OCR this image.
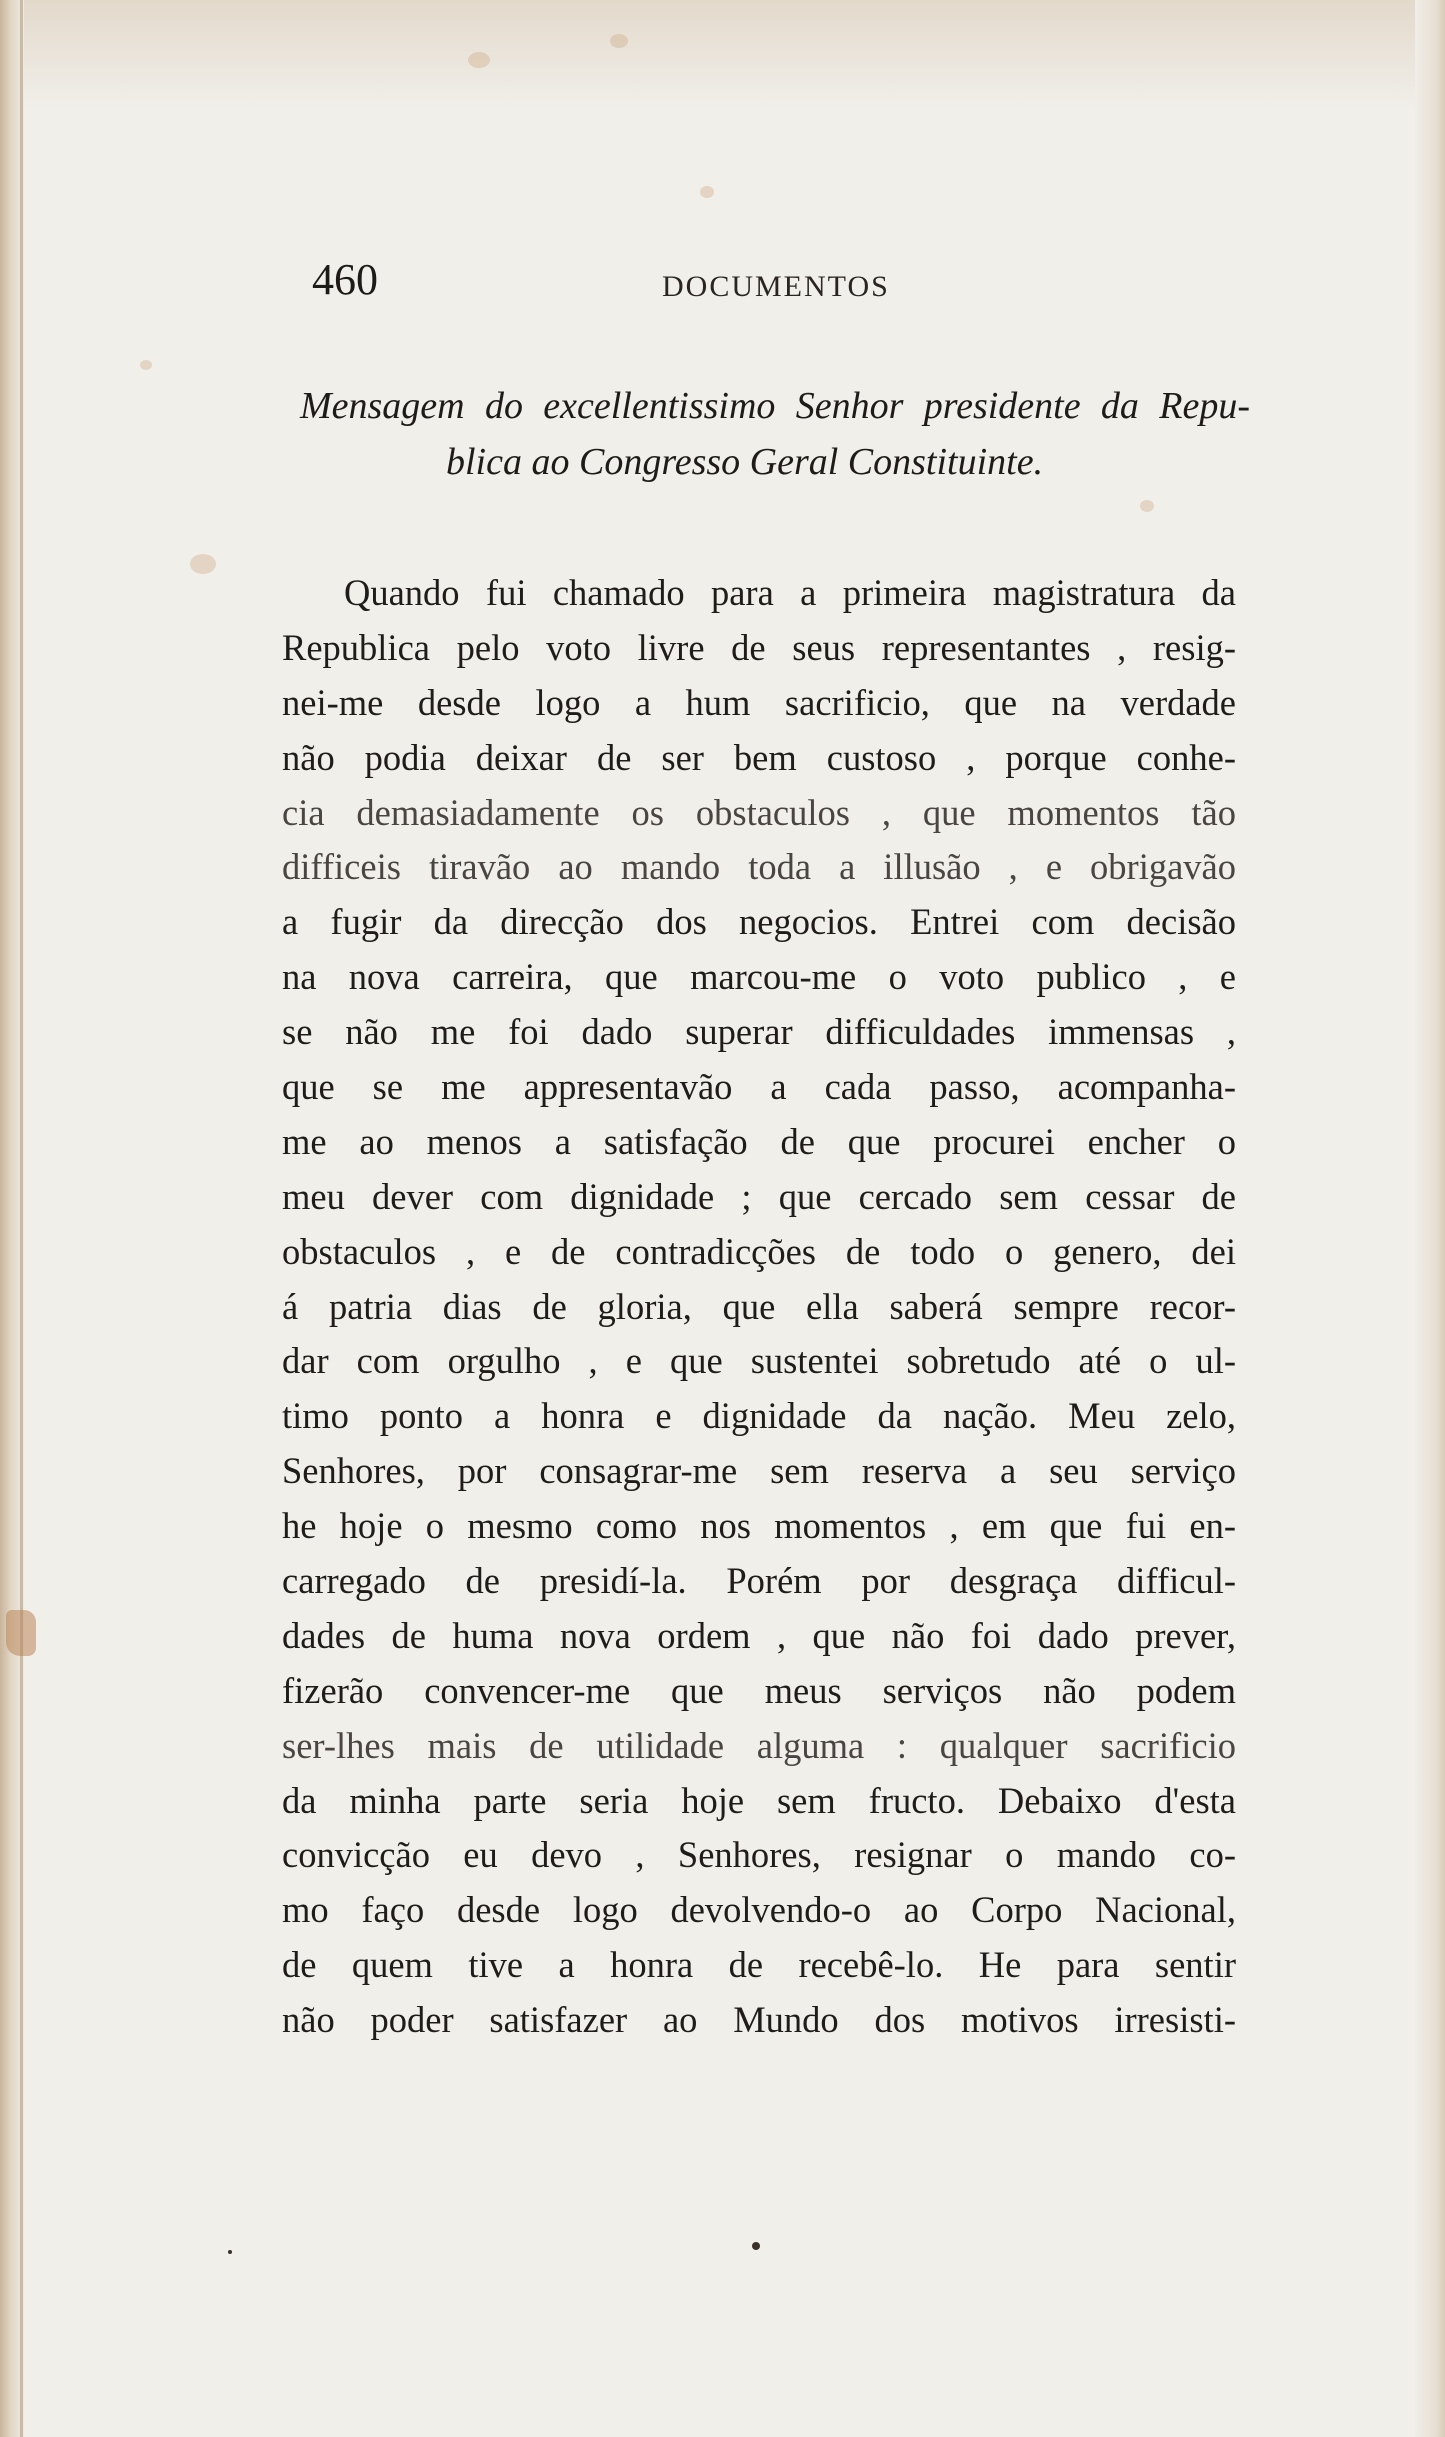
460	DOCUMENTOS
Mensagem do excellentissimo Senhor presidente da Repu-
blica ao Congresso Geral Constituinte.
Quando fui chamado para a primeira magistratura da
Republica pelo voto livre de seus representantes , resig-
nei-me desde logo a hum sacrificio, que na verdade
não podia deixar de ser bem custoso , porque conhe-
cia demasiadamente os obstaculos , que momentos tão
difficeis tiravão ao mando toda a illusão , e obrigavão
a fugir da direcção dos negocios. Entrei com decisão
na nova carreira, que marcou-me o voto publico , e
se não me foi dado superar difficuldades immensas ,
que se me appresentavão a cada passo, acompanha-
me ao menos a satisfação de que procurei encher o
meu dever com dignidade ; que cercado sem cessar de
obstaculos , e de contradicções de todo o genero, dei
á patria dias de gloria, que ella saberá sempre recor-
dar com orgulho , e que sustentei sobretudo até o ul-
timo ponto a honra e dignidade da nação. Meu zelo,
Senhores, por consagrar-me sem reserva a seu serviço
he hoje o mesmo como nos momentos , em que fui en-
carregado de presidí-la. Porém por desgraça difficul-
dades de huma nova ordem , que não foi dado prever,
fizerão convencer-me que meus serviços não podem
ser-lhes mais de utilidade alguma : qualquer sacrificio
da minha parte seria hoje sem fructo. Debaixo d'esta
convicção eu devo , Senhores, resignar o mando co-
mo faço desde logo devolvendo-o ao Corpo Nacional,
de quem tive a honra de recebê-lo. He para sentir
não poder satisfazer ao Mundo dos motivos irresisti-
